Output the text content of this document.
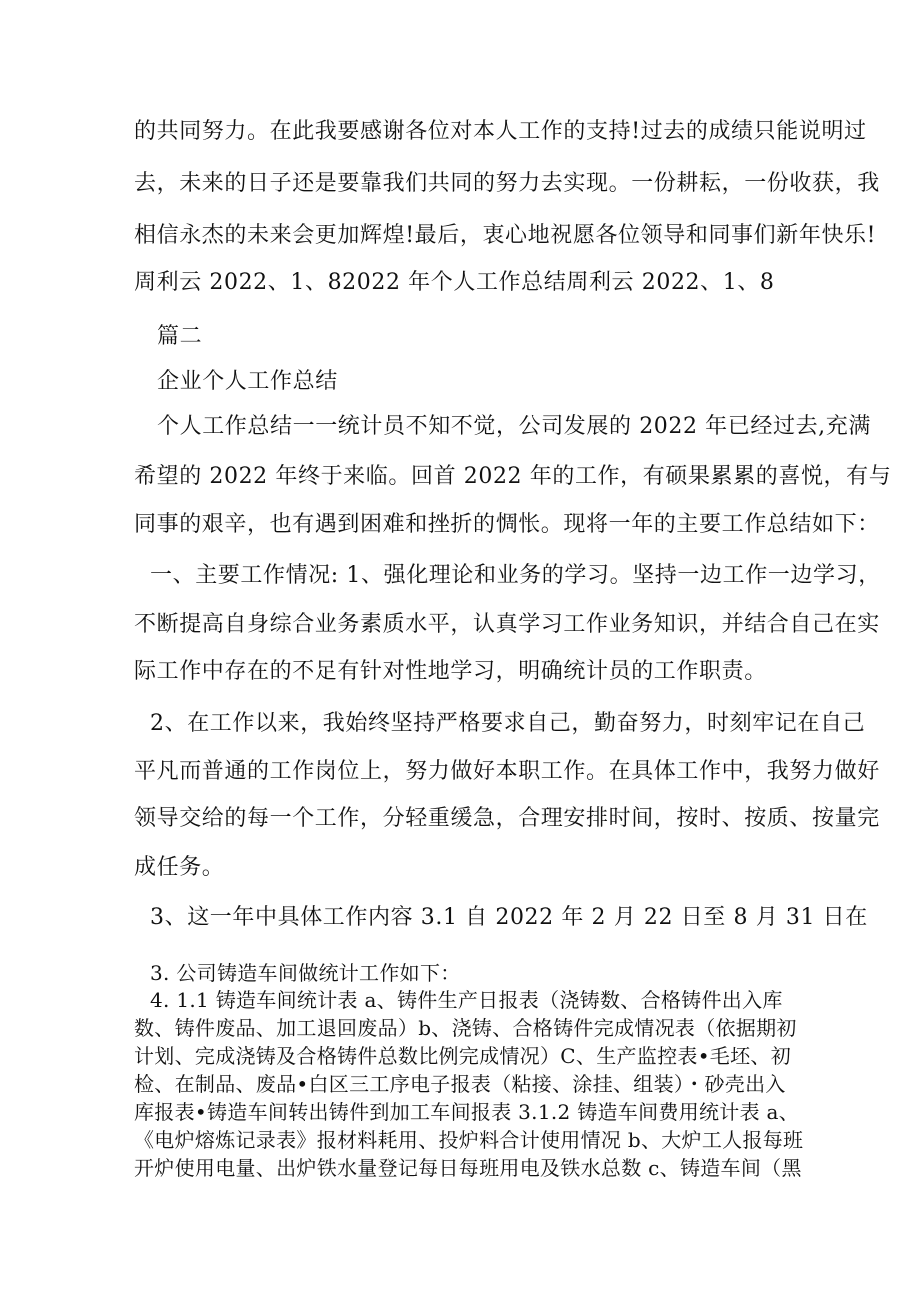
的共同努力。在此我要感谢各位对本人工作的支持!过去的成绩只能说明过
去，未来的日子还是要靠我们共同的努力去实现。一份耕耘，一份收获，我
相信永杰的未来会更加辉煌!最后，衷心地祝愿各位领导和同事们新年快乐!
周利云 2022、1、82022 年个人工作总结周利云 2022、1、8
篇二
企业个人工作总结
个人工作总结一一统计员不知不觉，公司发展的 2022 年已经过去,充满
希望的 2022 年终于来临。回首 2022 年的工作，有硕果累累的喜悦，有与
同事的艰辛，也有遇到困难和挫折的惆怅。现将一年的主要工作总结如下：
一、主要工作情况: 1、强化理论和业务的学习。坚持一边工作一边学习，
不断提高自身综合业务素质水平，认真学习工作业务知识，并结合自己在实
际工作中存在的不足有针对性地学习，明确统计员的工作职责。
2、在工作以来，我始终坚持严格要求自己，勤奋努力，时刻牢记在自己
平凡而普通的工作岗位上，努力做好本职工作。在具体工作中，我努力做好
领导交给的每一个工作，分轻重缓急，合理安排时间，按时、按质、按量完
成任务。
3、这一年中具体工作内容 3.1 自 2022 年 2 月 22 日至 8 月 31 日在
3. 公司铸造车间做统计工作如下：
4. 1.1 铸造车间统计表 a、铸件生产日报表（浇铸数、合格铸件出入库
数、铸件废品、加工退回废品）b、浇铸、合格铸件完成情况表（依据期初
计划、完成浇铸及合格铸件总数比例完成情况）C、生产监控表•毛坯、初
检、在制品、废品•白区三工序电子报表（粘接、涂挂、组装）・砂壳出入
库报表•铸造车间转出铸件到加工车间报表 3.1.2 铸造车间费用统计表 a、
《电炉熔炼记录表》报材料耗用、投炉料合计使用情况 b、大炉工人报每班
开炉使用电量、出炉铁水量登记每日每班用电及铁水总数 c、铸造车间（黑
